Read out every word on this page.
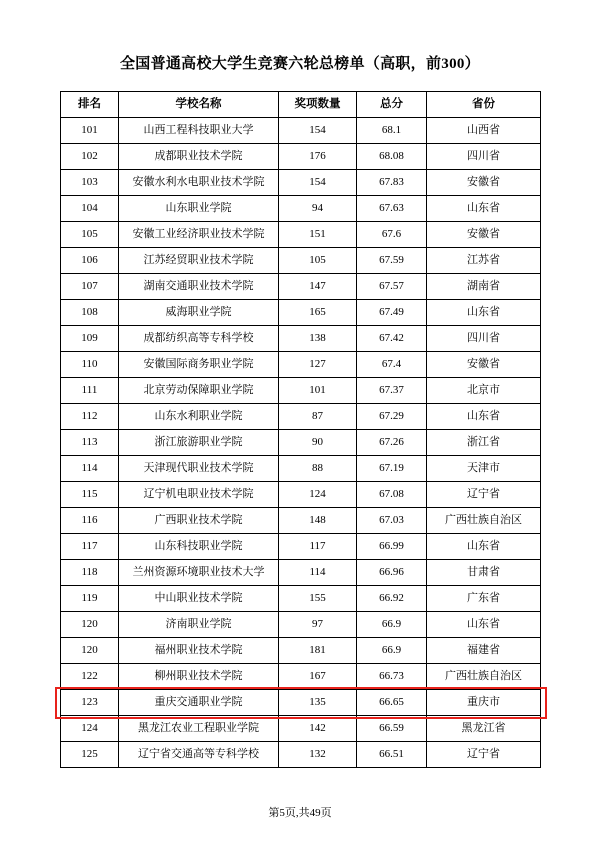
全国普通高校大学生竞赛六轮总榜单（高职，前300）
排名	学校名称	奖项数量	总分	省份
101	山西工程科技职业大学	154	68.1	山西省
102	成都职业技术学院	176	68.08	四川省
103	安徽水利水电职业技术学院	154	67.83	安徽省
104	山东职业学院	94	67.63	山东省
105	安徽工业经济职业技术学院	151	67.6	安徽省
106	江苏经贸职业技术学院	105	67.59	江苏省
107	湖南交通职业技术学院	147	67.57	湖南省
108	威海职业学院	165	67.49	山东省
109	成都纺织高等专科学校	138	67.42	四川省
110	安徽国际商务职业学院	127	67.4	安徽省
111	北京劳动保障职业学院	101	67.37	北京市
112	山东水利职业学院	87	67.29	山东省
113	浙江旅游职业学院	90	67.26	浙江省
114	天津现代职业技术学院	88	67.19	天津市
115	辽宁机电职业技术学院	124	67.08	辽宁省
116	广西职业技术学院	148	67.03	广西壮族自治区
117	山东科技职业学院	117	66.99	山东省
118	兰州资源环境职业技术大学	114	66.96	甘肃省
119	中山职业技术学院	155	66.92	广东省
120	济南职业学院	97	66.9	山东省
120	福州职业技术学院	181	66.9	福建省
122	柳州职业技术学院	167	66.73	广西壮族自治区
123	重庆交通职业学院	135	66.65	重庆市
124	黑龙江农业工程职业学院	142	66.59	黑龙江省
125	辽宁省交通高等专科学校	132	66.51	辽宁省
第5页,共49页
